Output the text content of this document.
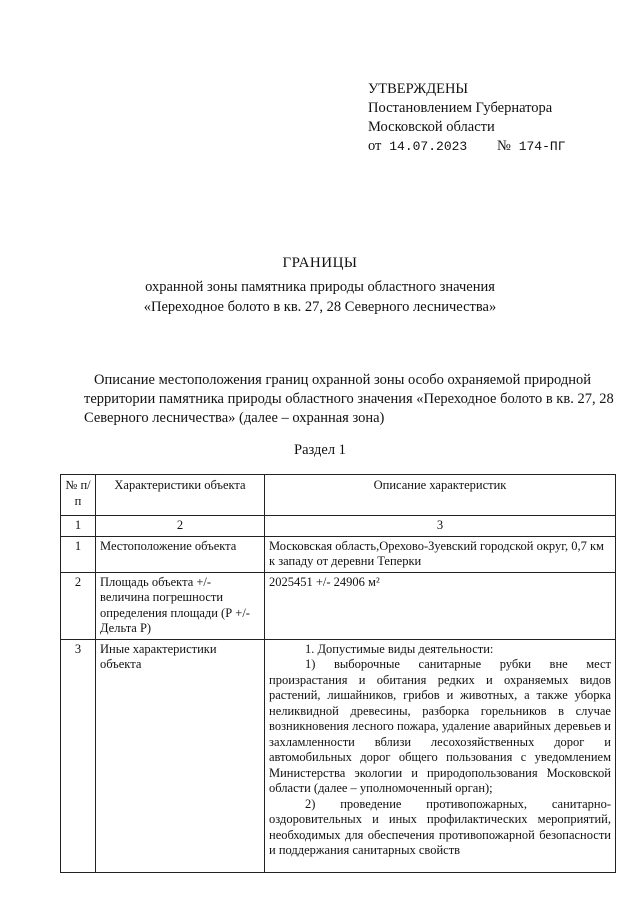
УТВЕРЖДЕНЫ
Постановлением Губернатора
Московской области
от 14.07.2023 № 174-ПГ
ГРАНИЦЫ
охранной зоны памятника природы областного значения
«Переходное болото в кв. 27, 28 Северного лесничества»
Описание местоположения границ охранной зоны особо охраняемой природной территории памятника природы областного значения «Переходное болото в кв. 27, 28 Северного лесничества» (далее – охранная зона)
Раздел 1
№ п/п	Характеристики объекта	Описание характеристик
1	2	3
1	Местоположение объекта	Московская область,Орехово-Зуевский городской округ, 0,7 км к западу от деревни Теперки
2	Площадь объекта +/- величина погрешности определения площади (Р +/- Дельта Р)	2025451 +/- 24906 м²
3	Иные характеристики объекта	1. Допустимые виды деятельности:
1) выборочные санитарные рубки вне мест произрастания и обитания редких и охраняемых видов растений, лишайников, грибов и животных, а также уборка неликвидной древесины, разборка горельников в случае возникновения лесного пожара, удаление аварийных деревьев и захламленности вблизи лесохозяйственных дорог и автомобильных дорог общего пользования с уведомлением Министерства экологии и природопользования Московской области (далее – уполномоченный орган);
2) проведение противопожарных, санитарно-оздоровительных и иных профилактических мероприятий, необходимых для обеспечения противопожарной безопасности и поддержания санитарных свойств
